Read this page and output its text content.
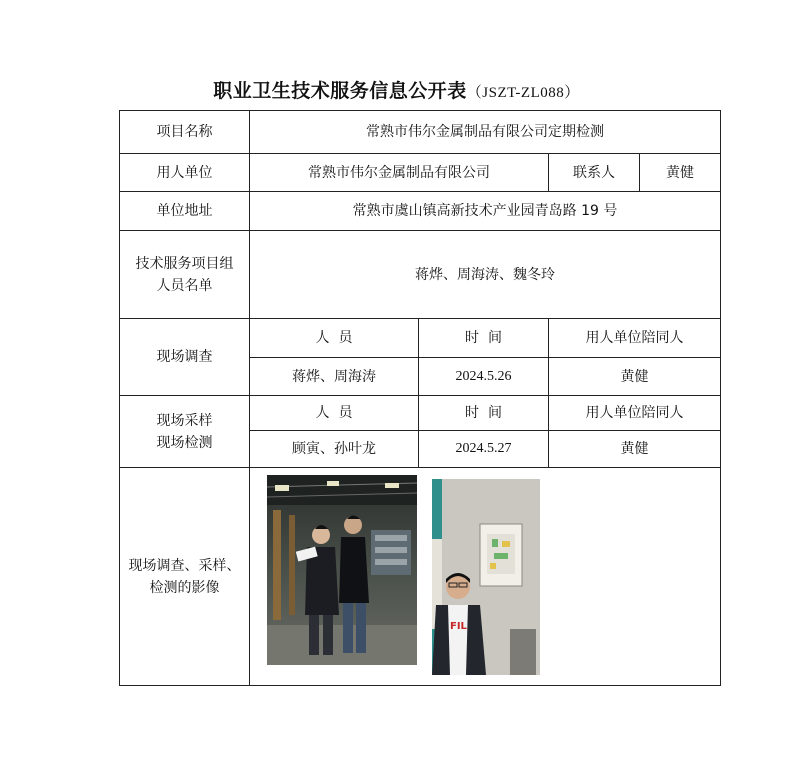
职业卫生技术服务信息公开表（JSZT-ZL088）
项目名称	常熟市伟尔金属制品有限公司定期检测			
用人单位	常熟市伟尔金属制品有限公司		联系人	黄健
单位地址	常熟市虞山镇高新技术产业园青岛路 19 号			

技术服务项目组
人员名单	蒋烨、周海涛、魏冬玲			
现场调查	人  员	时  间	用人单位陪同人	
	蒋烨、周海涛	2024.5.26	黄健	

现场采样
现场检测	人  员	时  间	用人单位陪同人	
	顾寅、孙叶龙	2024.5.27	黄健	

现场调查、采样、
检测的影像	FIL			
